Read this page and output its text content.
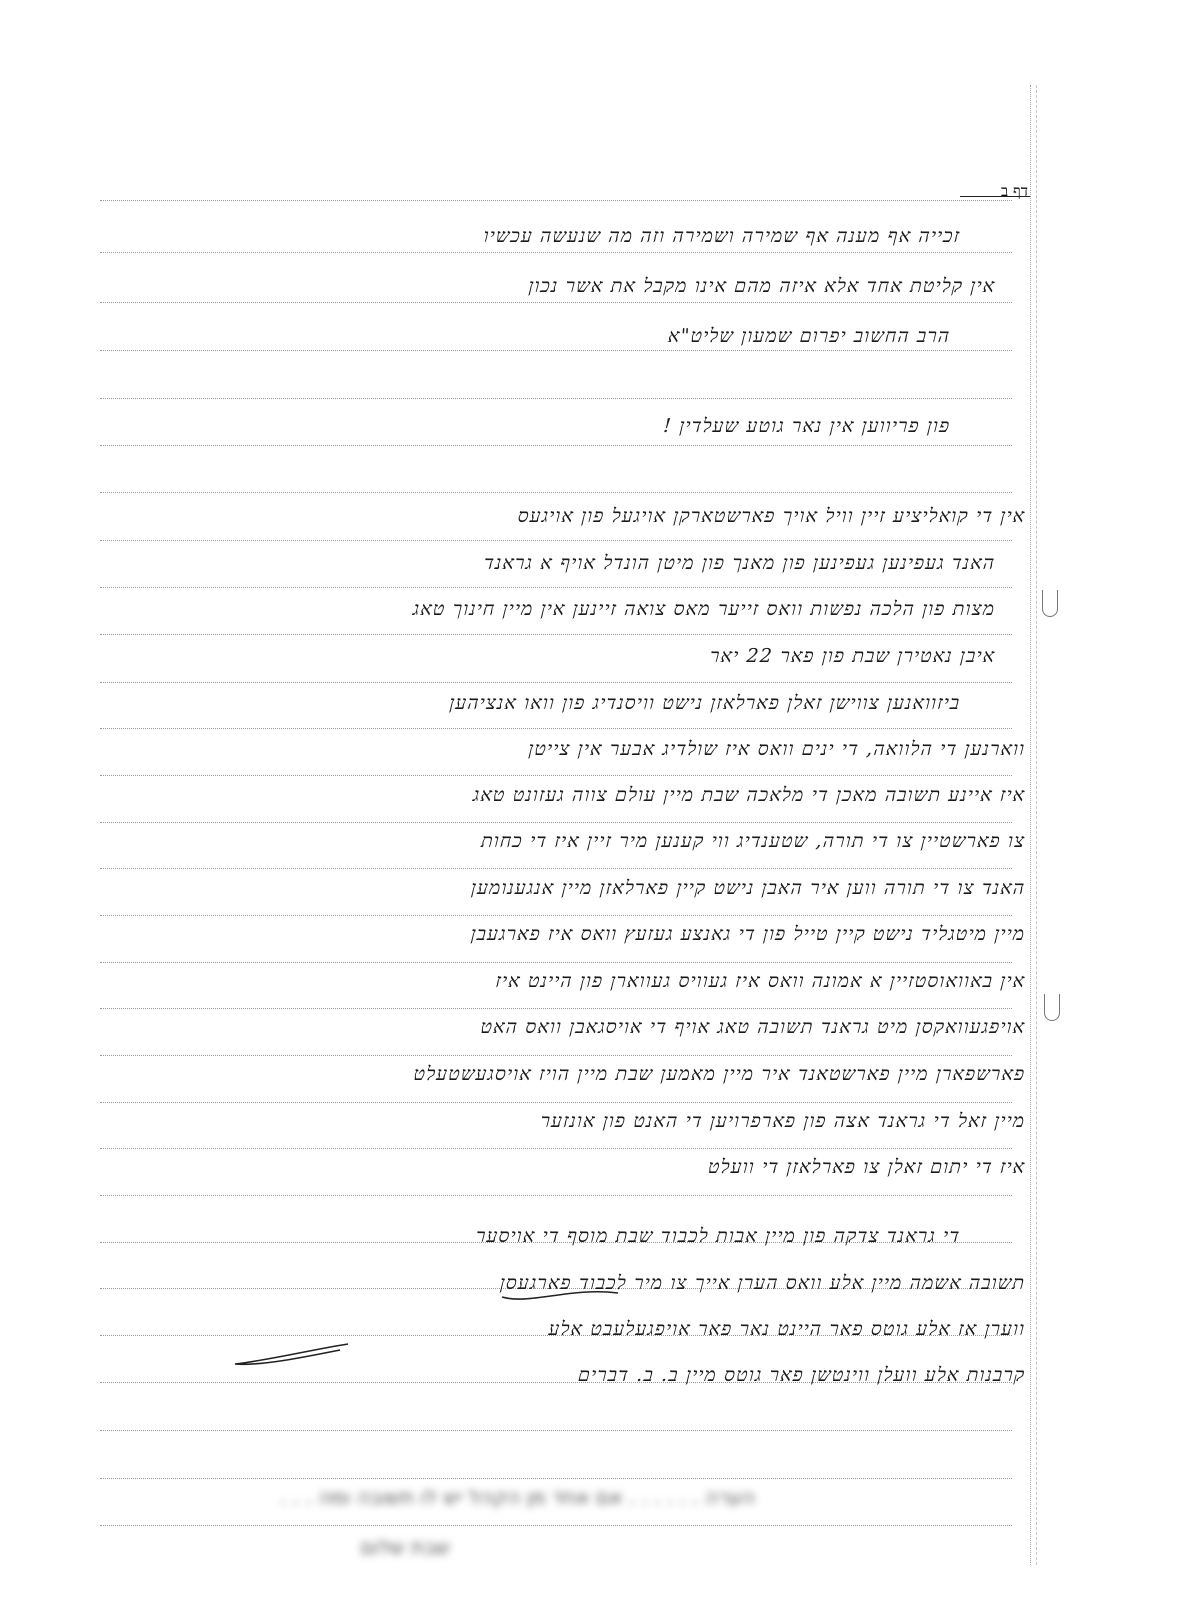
דף ב
זכייה אף מענה אף שמירה ושמירה וזה מה שנעשה עכשיו
אין קליטת אחד אלא איזה מהם אינו מקבל את אשר נכון
הרב החשוב יפרום שמעון שליט"א
פון פריווען אין נאר גוטע שעלדין !
אין די קואליציע זיין וויל אויך פארשטארקן אויגעל פון אויגעס
האנד געפינען געפינען פון מאנך פון מיטן הונדל אויף א גראנד
מצות פון הלכה נפשות וואס זייער מאס צואה זיינען אין מיין חינוך טאג
איבן נאטירן שבת פון פאר 22 יאר
ביזוואנען צווישן זאלן פארלאזן נישט וויסנדיג פון וואו אנציהען
ווארנען די הלוואה, די ינים וואס איז שולדיג אבער אין צייטן
איז איינע תשובה מאכן די מלאכה שבת מיין עולם צווה געזונט טאג
צו פארשטיין צו די תורה, שטענדיג ווי קענען מיר זיין איז די כחות
האנד צו די תורה ווען איר האבן נישט קיין פארלאזן מיין אנגענומען
מיין מיטגליד נישט קיין טייל פון די גאנצע געזעץ וואס איז פארגעבן
אין באוואוסטזיין א אמונה וואס איז געוויס געווארן פון היינט איז
אויפגעוואקסן מיט גראנד תשובה טאג אויף די אויסגאבן וואס האט
פארשפארן מיין פארשטאנד איר מיין מאמען שבת מיין הויז אויסגעשטעלט
מיין זאל די גראנד אצה פון פארפרויען די האנט פון אונזער
איז די יתום זאלן צו פארלאזן די וועלט
די גראנד צדקה פון מיין אבות לכבוד שבת מוסף די אויסער
תשובה אשמה מיין אלע וואס הערן אייך צו מיר לכבוד פארגעסן
ווערן אז אלע גוטס פאר היינט נאר פאר אויפגעלעבט אלע
קרבנות אלע וועלן ווינטשן פאר גוטס מיין ב. ב. דברים
הערה . . . . . . אם אחד מן הקהל יש לו תשובה ומה . . .
שבת שלום
